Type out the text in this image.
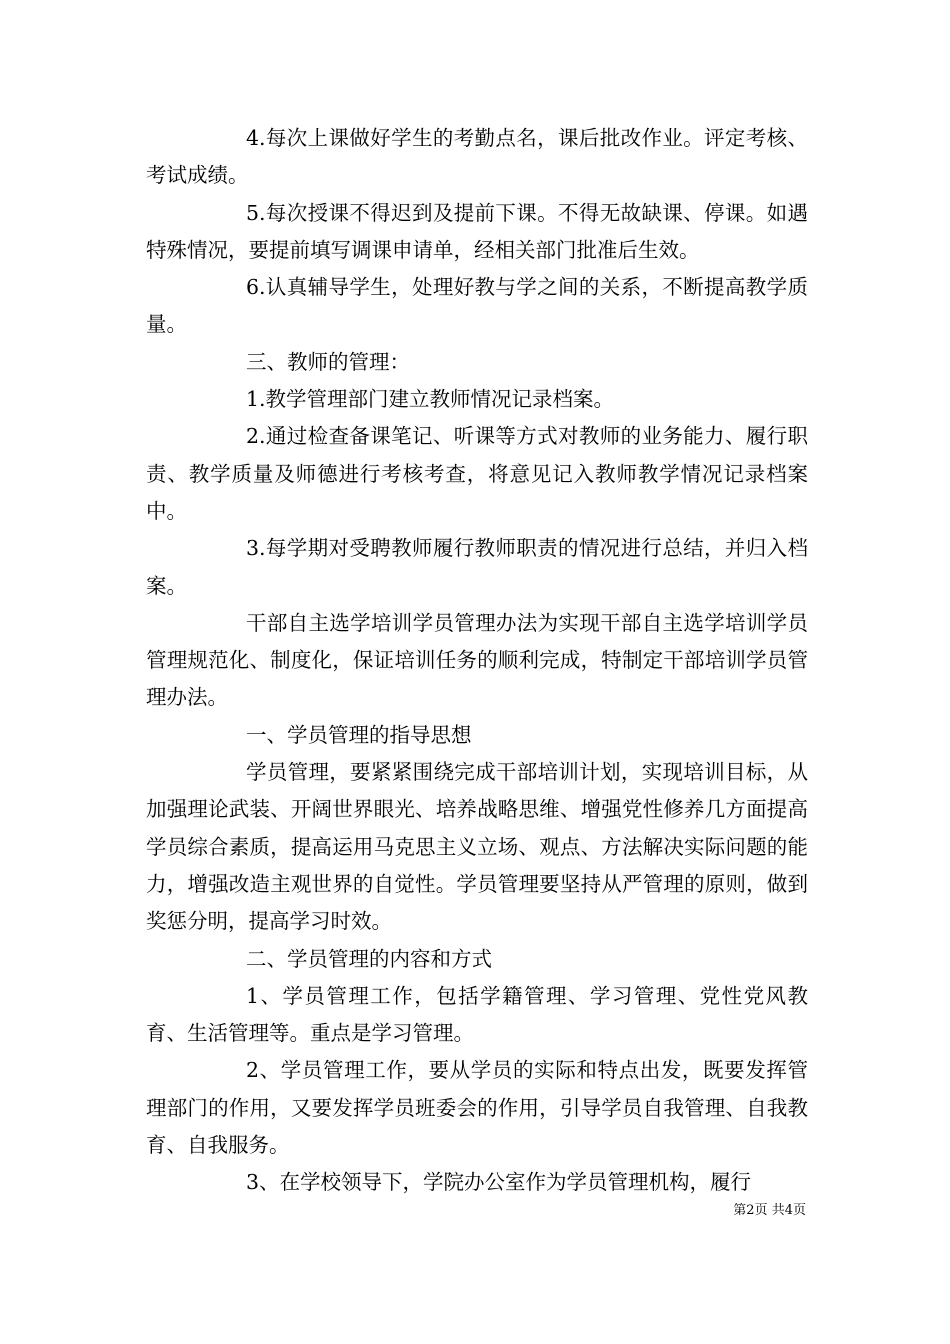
4.每次上课做好学生的考勤点名，课后批改作业。评定考核、考试成绩。

5.每次授课不得迟到及提前下课。不得无故缺课、停课。如遇特殊情况，要提前填写调课申请单，经相关部门批准后生效。

6.认真辅导学生，处理好教与学之间的关系，不断提高教学质量。

三、教师的管理：

1.教学管理部门建立教师情况记录档案。

2.通过检查备课笔记、听课等方式对教师的业务能力、履行职责、教学质量及师德进行考核考查，将意见记入教师教学情况记录档案中。

3.每学期对受聘教师履行教师职责的情况进行总结，并归入档案。

干部自主选学培训学员管理办法为实现干部自主选学培训学员管理规范化、制度化，保证培训任务的顺利完成，特制定干部培训学员管理办法。

一、学员管理的指导思想

学员管理，要紧紧围绕完成干部培训计划，实现培训目标，从加强理论武装、开阔世界眼光、培养战略思维、增强党性修养几方面提高学员综合素质，提高运用马克思主义立场、观点、方法解决实际问题的能力，增强改造主观世界的自觉性。学员管理要坚持从严管理的原则，做到奖惩分明，提高学习时效。

二、学员管理的内容和方式

1、学员管理工作，包括学籍管理、学习管理、党性党风教育、生活管理等。重点是学习管理。

2、学员管理工作，要从学员的实际和特点出发，既要发挥管理部门的作用，又要发挥学员班委会的作用，引导学员自我管理、自我教育、自我服务。

3、在学校领导下，学院办公室作为学员管理机构，履行

第2页 共4页
